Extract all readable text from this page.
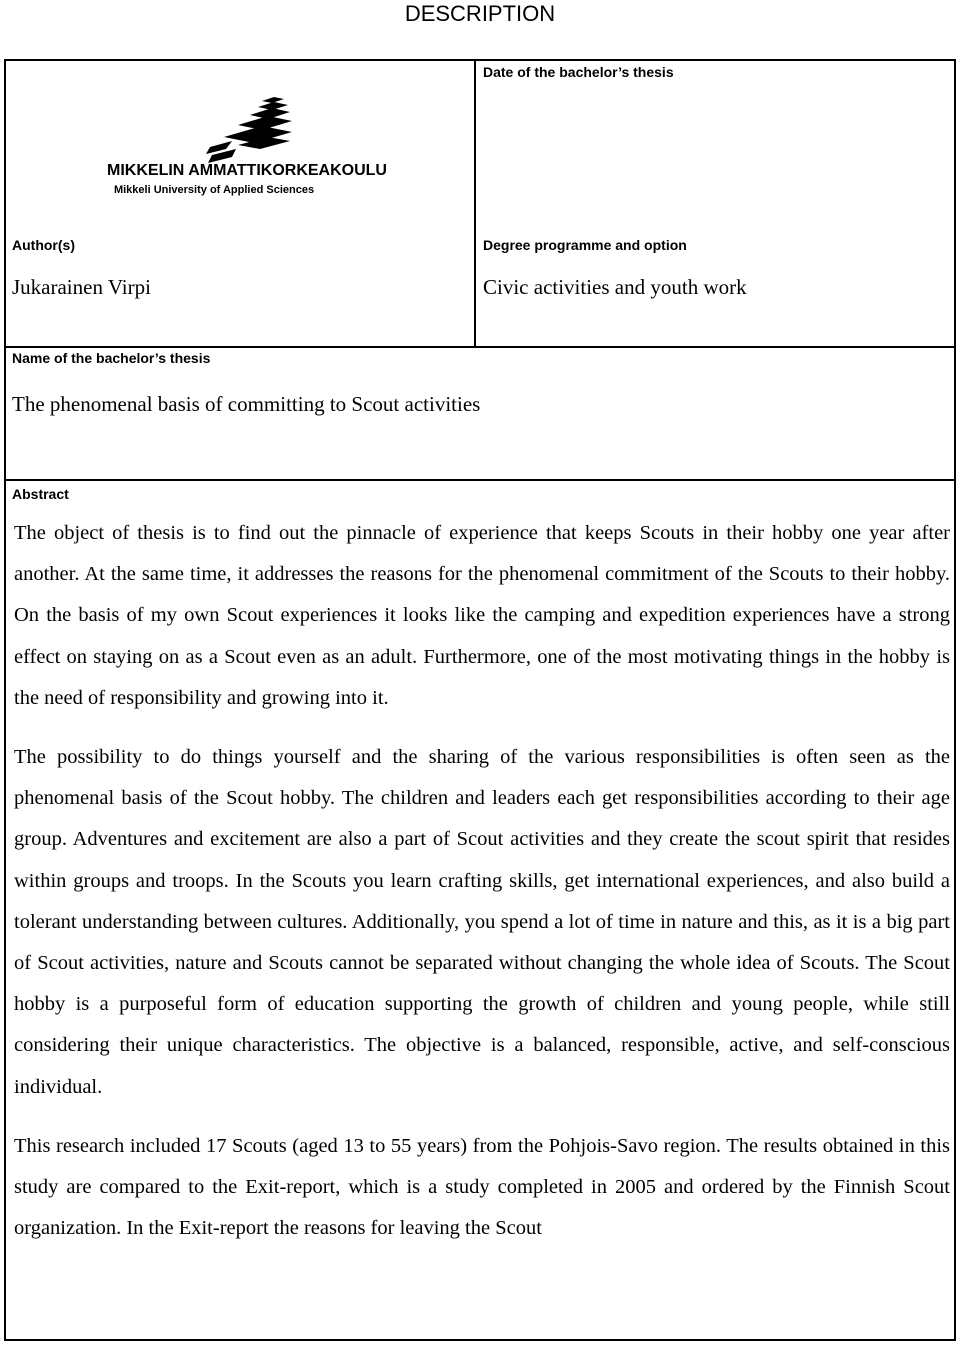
DESCRIPTION
MIKKELIN AMMATTIKORKEAKOULU
Mikkeli University of Applied Sciences
Date of the bachelor’s thesis
Author(s)
Jukarainen Virpi
Degree programme and option
Civic activities and youth work
Name of the bachelor’s thesis
The phenomenal basis of committing to Scout activities
Abstract

The object of thesis is to find out the pinnacle of experience that keeps Scouts in their hobby one year after another. At the same time, it addresses the reasons for the phenomenal commitment of the Scouts to their hobby. On the basis of my own Scout experiences it looks like the camping and expedition experiences have a strong effect on staying on as a Scout even as an adult. Furthermore, one of the most motivating things in the hobby is the need of responsibility and growing into it.

The possibility to do things yourself and the sharing of the various responsibilities is often seen as the phenomenal basis of the Scout hobby. The children and leaders each get responsibilities according to their age group. Adventures and excitement are also a part of Scout activities and they create the scout spirit that resides within groups and troops. In the Scouts you learn crafting skills, get international experiences, and also build a tolerant understanding between cultures. Additionally, you spend a lot of time in nature and this, as it is a big part of Scout activities, nature and Scouts cannot be separated without changing the whole idea of Scouts. The Scout hobby is a purposeful form of education supporting the growth of children and young people, while still considering their unique characteristics. The objective is a balanced, responsible, active, and self-conscious individual.

This research included 17 Scouts (aged 13 to 55 years) from the Pohjois-Savo region. The results obtained in this study are compared to the Exit-report, which is a study completed in 2005 and ordered by the Finnish Scout organization. In the Exit-report the reasons for leaving the Scout
